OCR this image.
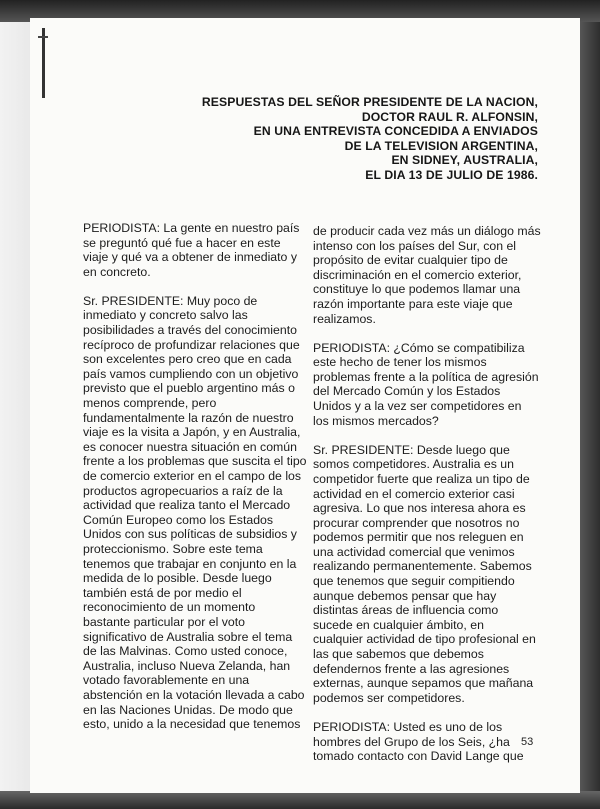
RESPUESTAS DEL SEÑOR PRESIDENTE DE LA NACION,
DOCTOR RAUL R. ALFONSIN,
EN UNA ENTREVISTA CONCEDIDA A ENVIADOS
DE LA TELEVISION ARGENTINA,
EN SIDNEY, AUSTRALIA,
EL DIA 13 DE JULIO DE 1986.
PERIODISTA: La gente en nuestro país
se preguntó qué fue a hacer en este
viaje y qué va a obtener de inmediato y
en concreto.
Sr. PRESIDENTE: Muy poco de
inmediato y concreto salvo las
posibilidades a través del conocimiento
recíproco de profundizar relaciones que
son excelentes pero creo que en cada
país vamos cumpliendo con un objetivo
previsto que el pueblo argentino más o
menos comprende, pero
fundamentalmente la razón de nuestro
viaje es la visita a Japón, y en Australia,
es conocer nuestra situación en común
frente a los problemas que suscita el tipo
de comercio exterior en el campo de los
productos agropecuarios a raíz de la
actividad que realiza tanto el Mercado
Común Europeo como los Estados
Unidos con sus políticas de subsidios y
proteccionismo. Sobre este tema
tenemos que trabajar en conjunto en la
medida de lo posible. Desde luego
también está de por medio el
reconocimiento de un momento
bastante particular por el voto
significativo de Australia sobre el tema
de las Malvinas. Como usted conoce,
Australia, incluso Nueva Zelanda, han
votado favorablemente en una
abstención en la votación llevada a cabo
en las Naciones Unidas. De modo que
esto, unido a la necesidad que tenemos
de producir cada vez más un diálogo más
intenso con los países del Sur, con el
propósito de evitar cualquier tipo de
discriminación en el comercio exterior,
constituye lo que podemos llamar una
razón importante para este viaje que
realizamos.
PERIODISTA: ¿Cómo se compatibiliza
este hecho de tener los mismos
problemas frente a la política de agresión
del Mercado Común y los Estados
Unidos y a la vez ser competidores en
los mismos mercados?
Sr. PRESIDENTE: Desde luego que
somos competidores. Australia es un
competidor fuerte que realiza un tipo de
actividad en el comercio exterior casi
agresiva. Lo que nos interesa ahora es
procurar comprender que nosotros no
podemos permitir que nos releguen en
una actividad comercial que venimos
realizando permanentemente. Sabemos
que tenemos que seguir compitiendo
aunque debemos pensar que hay
distintas áreas de influencia como
sucede en cualquier ámbito, en
cualquier actividad de tipo profesional en
las que sabemos que debemos
defendernos frente a las agresiones
externas, aunque sepamos que mañana
podemos ser competidores.
PERIODISTA: Usted es uno de los
hombres del Grupo de los Seis, ¿ha
tomado contacto con David Lange que
53
